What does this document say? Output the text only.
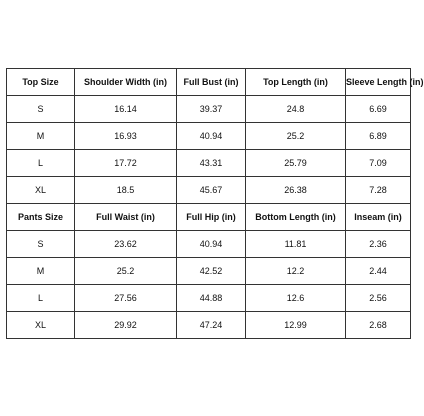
Top Size	Shoulder Width (in)	Full Bust (in)	Top Length (in)	Sleeve Length (in)
S	16.14	39.37	24.8	6.69
M	16.93	40.94	25.2	6.89
L	17.72	43.31	25.79	7.09
XL	18.5	45.67	26.38	7.28
Pants Size	Full Waist (in)	Full Hip (in)	Bottom Length (in)	Inseam (in)
S	23.62	40.94	11.81	2.36
M	25.2	42.52	12.2	2.44
L	27.56	44.88	12.6	2.56
XL	29.92	47.24	12.99	2.68
